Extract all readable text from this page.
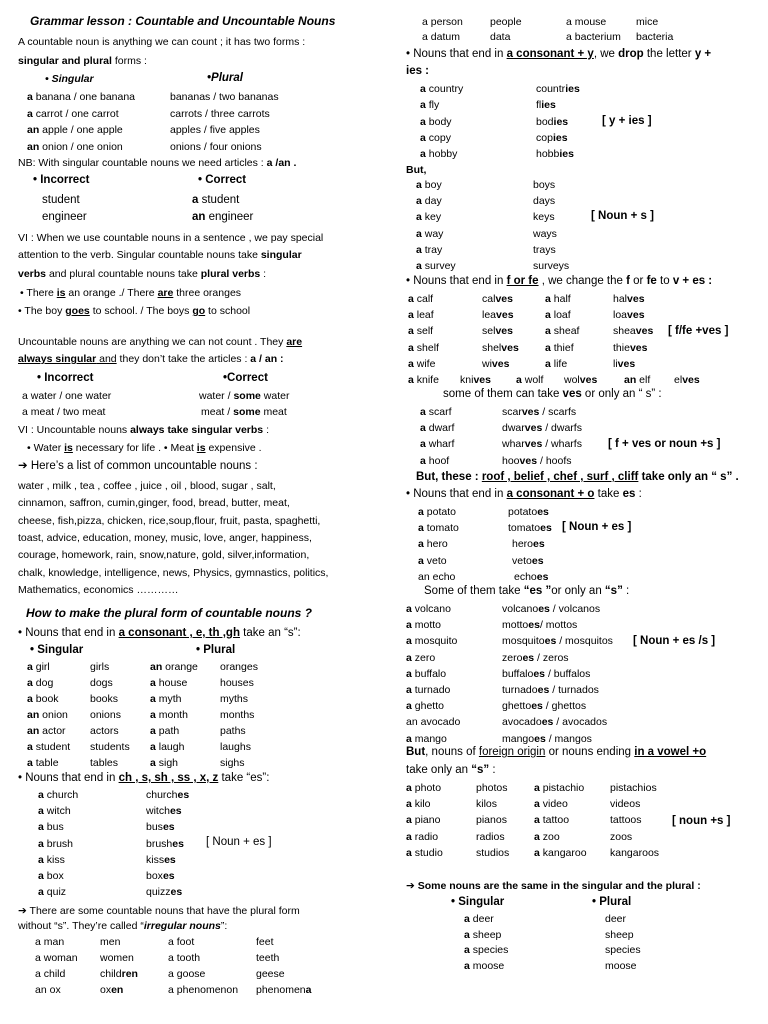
Grammar lesson : Countable and Uncountable Nouns
A countable noun is anything we can count ; it has two forms :
singular and plural forms :
• Singular	•Plural
a banana / one banana	bananas / two bananas
a carrot / one carrot	carrots / three carrots
an apple / one apple	apples / five apples
an onion / one onion	onions / four onions
NB: With singular countable nouns we need articles : a /an .
• Incorrect	• Correct
student	a student
engineer	an engineer
VI : When we use countable nouns in a sentence , we pay special
attention to the verb. Singular countable nouns take singular
verbs and plural countable nouns take plural verbs :
• There is an orange ./ There are three oranges
• The boy goes to school. / The boys go to school
Uncountable nouns are anything we can not count . They are
always singular and they don’t take the articles : a / an :
• Incorrect	•Correct
a water / one water	water / some water
a meat / two meat	meat / some meat
VI : Uncountable nouns always take singular verbs :
• Water is necessary for life . • Meat is expensive .
➔ Here’s a list of common uncountable nouns :
water , milk , tea , coffee , juice , oil , blood, sugar , salt,
cinnamon, saffron, cumin,ginger, food, bread, butter, meat,
cheese, fish,pizza, chicken, rice,soup,flour, fruit, pasta, spaghetti,
toast, advice, education, money, music, love, anger, happiness,
courage, homework, rain, snow,nature, gold, silver,information,
chalk, knowledge, intelligence, news, Physics, gymnastics, politics,
Mathematics, economics …………
How to make the plural form of countable nouns ?
• Nouns that end in a consonant , e, th ,gh take an “s”:
• Singular	• Plural
a girl	girls	an orange oranges
a dog	dogs	a house	houses
a book	books	a myth	myths
an onion onions	a month	months
an actor actors	a path	paths
a student students a laugh	laughs
a table	tables	a sigh	sighs
• Nouns that end in ch , s, sh , ss , x, z take “es”:
a church	churches
a witch	witches
a bus	buses
a brush	brushes
a kiss	kisses
a box	boxes
a quiz	quizzes
[ Noun + es ]
➔ There are some countable nouns that have the plural form
without “s”. They’re called “irregular nouns”:
a man	men	a foot	feet
a woman women	a tooth	teeth
a child	children	a goose	geese
an ox	oxen	a phenomenon phenomena
a person	people	a mouse	mice
a datum	data	a bacterium bacteria
• Nouns that end in a consonant + y, we drop the letter y +
ies :
a country	countries
a fly	flies
a body	bodies
a copy	copies
a hobby	hobbies
[ y + ies ]
But,
a boy	boys
a day	days
a key	keys
a way	ways
a tray	trays
a survey	surveys
[ Noun + s ]
• Nouns that end in f or fe , we change the f or fe to v + es :
a calf	calves	a half	halves
a leaf	leaves	a loaf	loaves
a self	selves	a sheaf	sheaves
a shelf	shelves a thief	thieves
a wife	wives	a life	lives
a knife knives a wolf wolves	an elf elves
[ f/fe +ves ]
some of them can take ves or only an “ s” :
a scarf	scarves / scarfs
a dwarf	dwarves / dwarfs
a wharf	wharves / wharfs
a hoof	hooves / hoofs
[ f + ves or noun +s ]
But, these : roof , belief , chef , surf , cliff take only an “ s” .
• Nouns that end in a consonant + o take es :
a potato	potatoes
a tomato	tomatoes
a hero	heroes
a veto	vetoes
an echo	echoes
[ Noun + es ]
Some of them take “es ”or only an “s” :
a volcano	volcanoes / volcanos
a motto	mottoes/ mottos
a mosquito	mosquitoes / mosquitos
a zero	zeroes / zeros
a buffalo	buffaloes / buffalos
a turnado	turnadoes / turnados
a ghetto	ghettoes / ghettos
an avocado	avocadoes / avocados
a mango	mangoes / mangos
[ Noun + es /s ]
But, nouns of foreign origin or nouns ending in a vowel +o
take only an “s” :
a photo	photos	a pistachio pistachios
a kilo	kilos	a video	videos
a piano	pianos	a tattoo	tattoos
a radio	radios	a zoo	zoos
a studio	studios a kangaroo kangaroos
[ noun +s ]
➔ Some nouns are the same in the singular and the plural :
• Singular	• Plural
a deer	deer
a sheep	sheep
a species	species
a moose	moose
